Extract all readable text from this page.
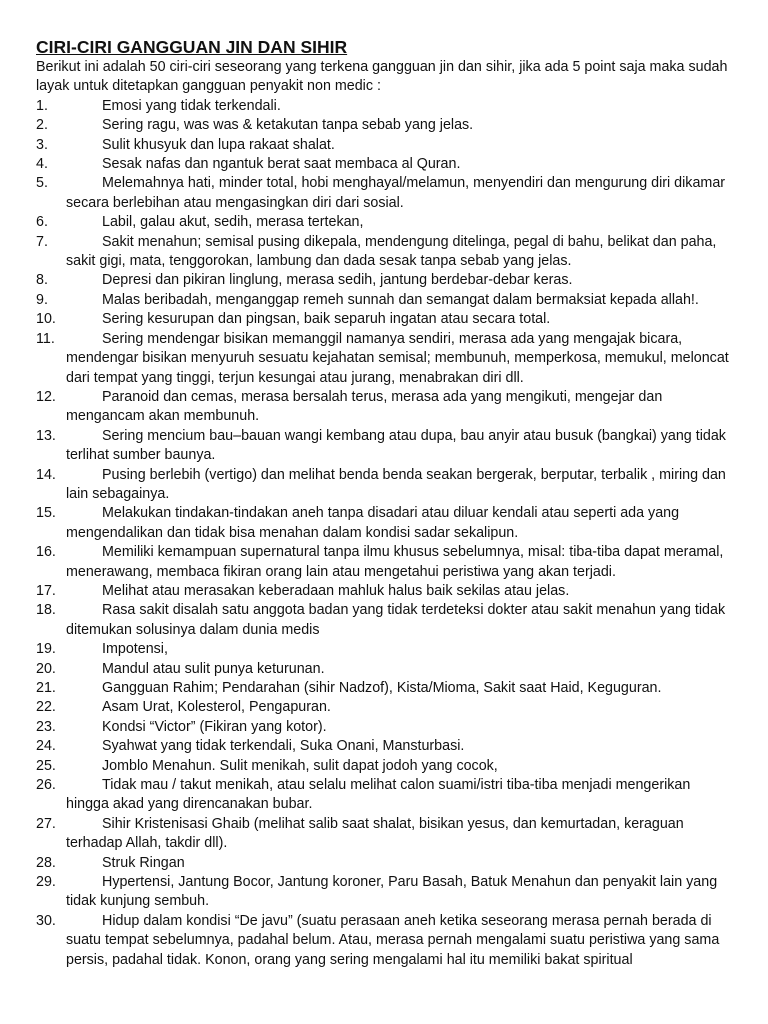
CIRI-CIRI GANGGUAN JIN DAN SIHIR

Berikut ini adalah 50 ciri-ciri seseorang yang terkena gangguan jin dan sihir, jika ada 5 point saja maka sudah layak untuk ditetapkan gangguan penyakit non medic :

1.	Emosi yang tidak terkendali.
2.	Sering ragu, was was & ketakutan tanpa sebab yang jelas.
3.	Sulit khusyuk dan lupa rakaat shalat.
4.	Sesak nafas dan ngantuk berat saat membaca al Quran.
5.	Melemahnya hati, minder total, hobi menghayal/melamun, menyendiri dan mengurung diri dikamar secara berlebihan atau mengasingkan diri dari sosial.
6.	Labil, galau akut, sedih, merasa tertekan,
7.	Sakit menahun; semisal pusing dikepala, mendengung ditelinga, pegal di bahu, belikat dan paha, sakit gigi, mata, tenggorokan, lambung dan dada sesak tanpa sebab yang jelas.
8.	Depresi dan pikiran linglung, merasa sedih, jantung berdebar-debar keras.
9.	Malas beribadah, menganggap remeh sunnah dan semangat dalam bermaksiat kepada allah!.
10.	Sering kesurupan dan pingsan, baik separuh ingatan atau secara total.
11.	Sering mendengar bisikan memanggil namanya sendiri, merasa ada yang mengajak bicara, mendengar bisikan menyuruh sesuatu kejahatan semisal; membunuh, memperkosa, memukul, meloncat dari tempat yang tinggi, terjun kesungai atau jurang, menabrakan diri dll.
12.	Paranoid dan cemas, merasa bersalah terus, merasa ada yang mengikuti, mengejar dan mengancam akan membunuh.
13.	Sering mencium bau–bauan wangi kembang atau dupa, bau anyir atau busuk (bangkai) yang tidak terlihat sumber baunya.
14.	Pusing berlebih (vertigo) dan melihat benda benda seakan bergerak, berputar, terbalik , miring dan lain sebagainya.
15.	Melakukan tindakan-tindakan aneh tanpa disadari atau diluar kendali atau seperti ada yang mengendalikan dan tidak bisa menahan dalam kondisi sadar sekalipun.
16.	Memiliki kemampuan supernatural tanpa ilmu khusus sebelumnya, misal: tiba-tiba dapat meramal, menerawang, membaca fikiran orang lain atau mengetahui peristiwa yang akan terjadi.
17.	Melihat atau merasakan keberadaan mahluk halus baik sekilas atau jelas.
18.	Rasa sakit disalah satu anggota badan yang tidak terdeteksi dokter atau sakit menahun yang tidak ditemukan solusinya dalam dunia medis
19.	Impotensi,
20.	Mandul atau sulit punya keturunan.
21.	Gangguan Rahim; Pendarahan (sihir Nadzof), Kista/Mioma, Sakit saat Haid, Keguguran.
22.	Asam Urat, Kolesterol, Pengapuran.
23.	Kondsi “Victor” (Fikiran yang kotor).
24.	Syahwat yang tidak terkendali, Suka Onani, Mansturbasi.
25.	Jomblo Menahun. Sulit menikah, sulit dapat jodoh yang cocok,
26.	Tidak mau / takut menikah, atau selalu melihat calon suami/istri tiba-tiba menjadi mengerikan hingga akad yang direncanakan bubar.
27.	Sihir Kristenisasi Ghaib (melihat salib saat shalat, bisikan yesus, dan kemurtadan, keraguan terhadap Allah, takdir dll).
28.	Struk Ringan
29.	Hypertensi, Jantung Bocor, Jantung koroner, Paru Basah, Batuk Menahun dan penyakit lain yang tidak kunjung sembuh.
30.	Hidup dalam kondisi “De javu” (suatu perasaan aneh ketika seseorang merasa pernah berada di suatu tempat sebelumnya, padahal belum. Atau, merasa pernah mengalami suatu peristiwa yang sama persis, padahal tidak. Konon, orang yang sering mengalami hal itu memiliki bakat spiritual
